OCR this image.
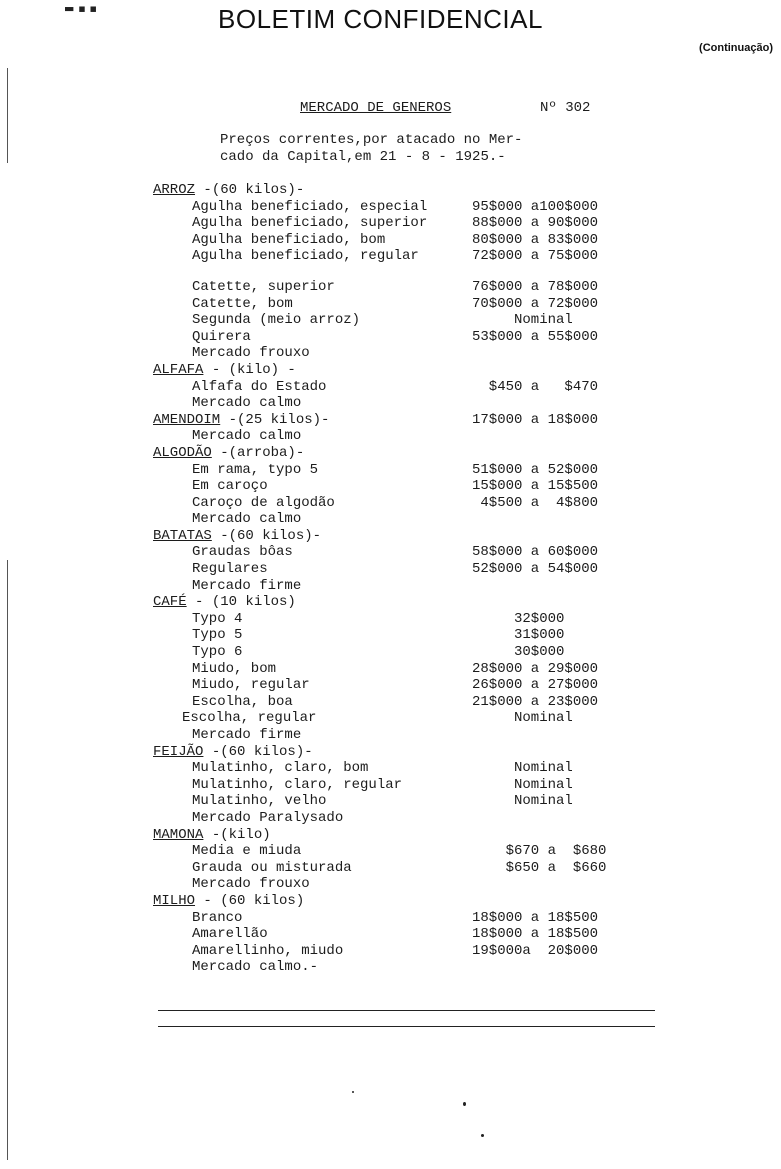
▬ ▪ ▪	BOLETIM CONFIDENCIAL
(Continuação)
MERCADO DE GENEROS	Nº 302
Preços correntes,por atacado no Mer-
cado da Capital,em 21 - 8 - 1925.-
ARROZ -(60 kilos)-
Agulha beneficiado, especial	95$000 a100$000
Agulha beneficiado, superior	88$000 a 90$000
Agulha beneficiado, bom	80$000 a 83$000
Agulha beneficiado, regular	72$000 a 75$000
Catette, superior	76$000 a 78$000
Catette, bom	70$000 a 72$000
Segunda (meio arroz)	Nominal
Quirera	53$000 a 55$000
Mercado frouxo
ALFAFA - (kilo) -
Alfafa do Estado	$450 a   $470
Mercado calmo
AMENDOIM -(25 kilos)-	17$000 a 18$000
Mercado calmo
ALGODÃO -(arroba)-
Em rama, typo 5	51$000 a 52$000
Em caroço	15$000 a 15$500
Caroço de algodão	4$500 a  4$800
Mercado calmo
BATATAS -(60 kilos)-
Graudas bôas	58$000 a 60$000
Regulares	52$000 a 54$000
Mercado firme
CAFÉ - (10 kilos)
Typo 4	32$000
Typo 5	31$000
Typo 6	30$000
Miudo, bom	28$000 a 29$000
Miudo, regular	26$000 a 27$000
Escolha, boa	21$000 a 23$000
Escolha, regular	Nominal
Mercado firme
FEIJÃO -(60 kilos)-
Mulatinho, claro, bom	Nominal
Mulatinho, claro, regular	Nominal
Mulatinho, velho	Nominal
Mercado Paralysado
MAMONA -(kilo)
Media e miuda	$670 a  $680
Grauda ou misturada	$650 a  $660
Mercado frouxo
MILHO - (60 kilos)
Branco	18$000 a 18$500
Amarellão	18$000 a 18$500
Amarellinho, miudo	19$000a  20$000
Mercado calmo.-
